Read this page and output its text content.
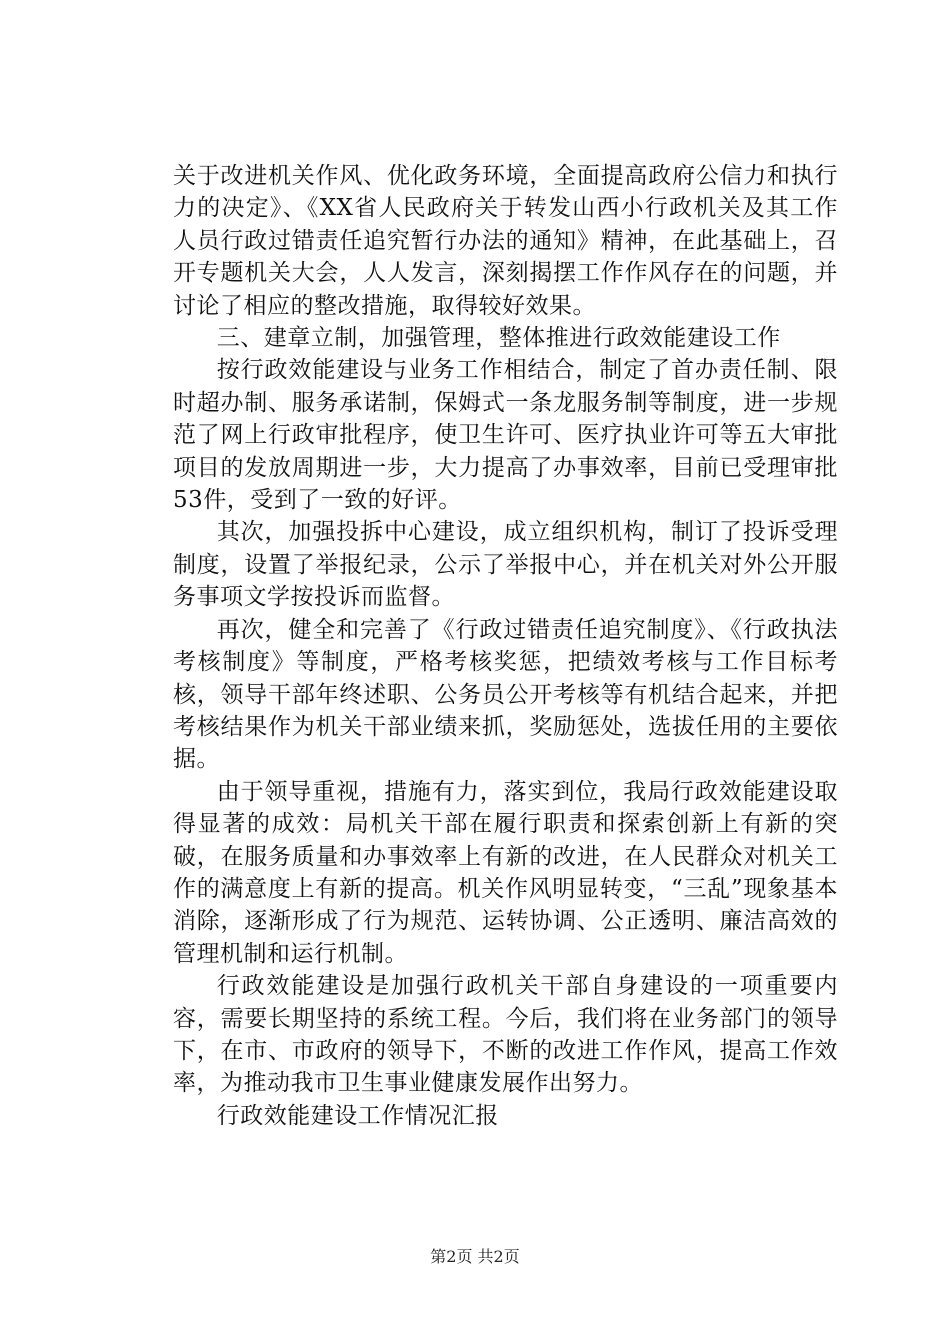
关于改进机关作风、优化政务环境，全面提高政府公信力和执行力的决定》、《XX省人民政府关于转发山西小行政机关及其工作人员行政过错责任追究暂行办法的通知》精神，在此基础上，召开专题机关大会，人人发言，深刻揭摆工作作风存在的问题，并讨论了相应的整改措施，取得较好效果。

三、建章立制，加强管理，整体推进行政效能建设工作

按行政效能建设与业务工作相结合，制定了首办责任制、限时超办制、服务承诺制，保姆式一条龙服务制等制度，进一步规范了网上行政审批程序，使卫生许可、医疗执业许可等五大审批项目的发放周期进一步，大力提高了办事效率，目前已受理审批53件，受到了一致的好评。

其次，加强投拆中心建设，成立组织机构，制订了投诉受理制度，设置了举报纪录，公示了举报中心，并在机关对外公开服务事项文学按投诉而监督。

再次，健全和完善了《行政过错责任追究制度》、《行政执法考核制度》等制度，严格考核奖惩，把绩效考核与工作目标考核，领导干部年终述职、公务员公开考核等有机结合起来，并把考核结果作为机关干部业绩来抓，奖励惩处，选拔任用的主要依据。

由于领导重视，措施有力，落实到位，我局行政效能建设取得显著的成效：局机关干部在履行职责和探索创新上有新的突破，在服务质量和办事效率上有新的改进，在人民群众对机关工作的满意度上有新的提高。机关作风明显转变，“三乱”现象基本消除，逐渐形成了行为规范、运转协调、公正透明、廉洁高效的管理机制和运行机制。

行政效能建设是加强行政机关干部自身建设的一项重要内容，需要长期坚持的系统工程。今后，我们将在业务部门的领导下，在市、市政府的领导下，不断的改进工作作风，提高工作效率，为推动我市卫生事业健康发展作出努力。

行政效能建设工作情况汇报

第2页 共2页
